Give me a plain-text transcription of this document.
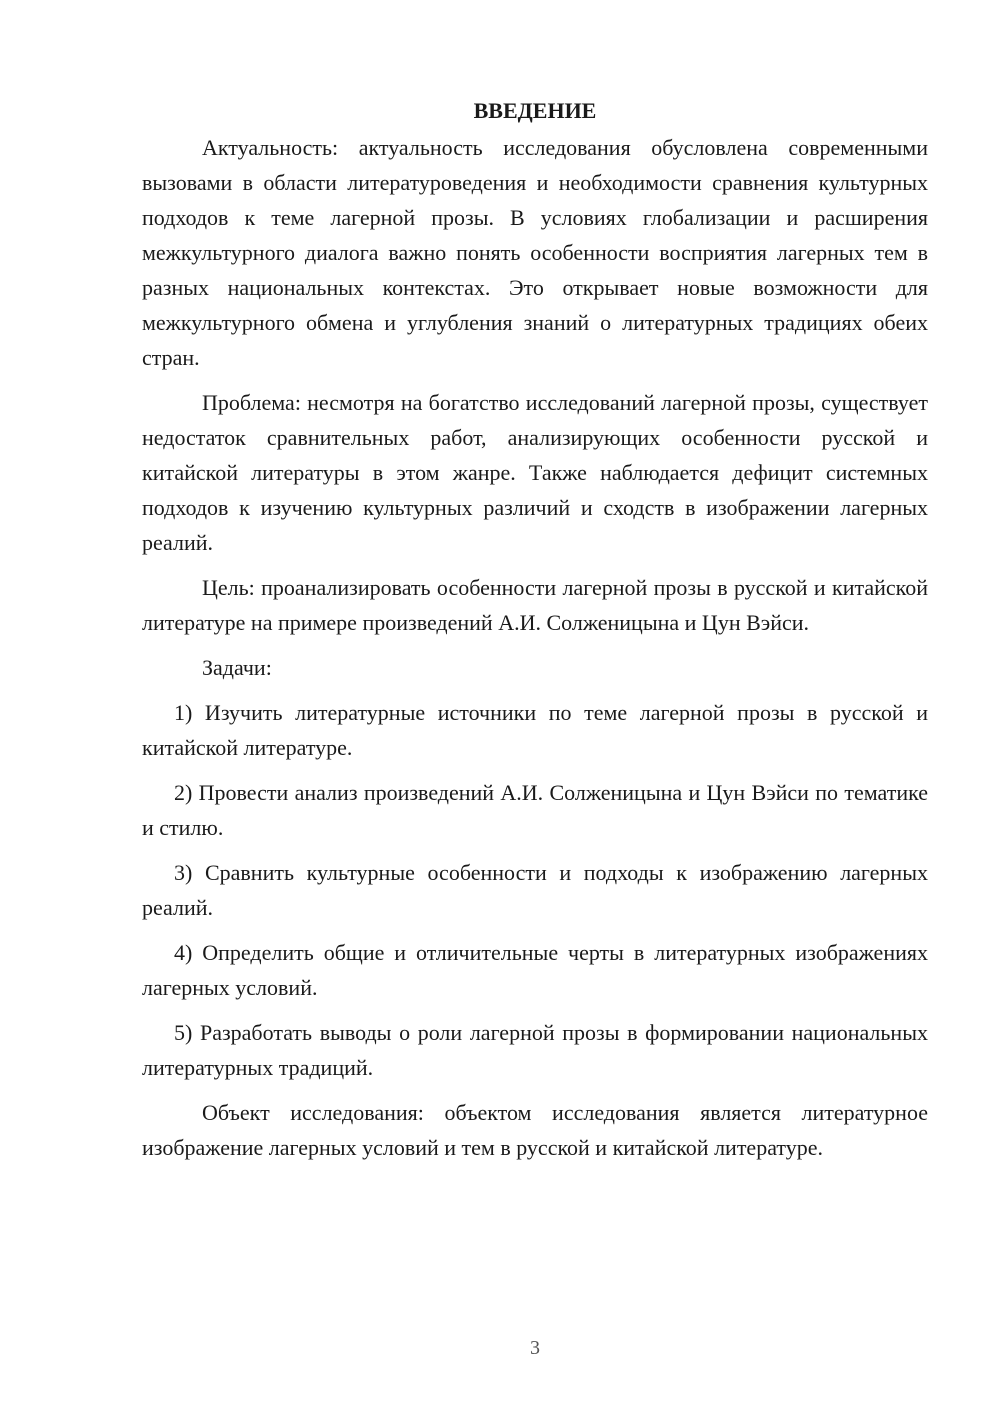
ВВЕДЕНИЕ

Актуальность: актуальность исследования обусловлена современными вызовами в области литературоведения и необходимости сравнения культурных подходов к теме лагерной прозы. В условиях глобализации и расширения межкультурного диалога важно понять особенности восприятия лагерных тем в разных национальных контекстах. Это открывает новые возможности для межкультурного обмена и углубления знаний о литературных традициях обеих стран.

Проблема: несмотря на богатство исследований лагерной прозы, существует недостаток сравнительных работ, анализирующих особенности русской и китайской литературы в этом жанре. Также наблюдается дефицит системных подходов к изучению культурных различий и сходств в изображении лагерных реалий.

Цель: проанализировать особенности лагерной прозы в русской и китайской литературе на примере произведений А.И. Солженицына и Цун Вэйси.

Задачи:

1) Изучить литературные источники по теме лагерной прозы в русской и китайской литературе.

2) Провести анализ произведений А.И. Солженицына и Цун Вэйси по тематике и стилю.

3) Сравнить культурные особенности и подходы к изображению лагерных реалий.

4) Определить общие и отличительные черты в литературных изображениях лагерных условий.

5) Разработать выводы о роли лагерной прозы в формировании национальных литературных традиций.

Объект исследования: объектом исследования является литературное изображение лагерных условий и тем в русской и китайской литературе.

3
